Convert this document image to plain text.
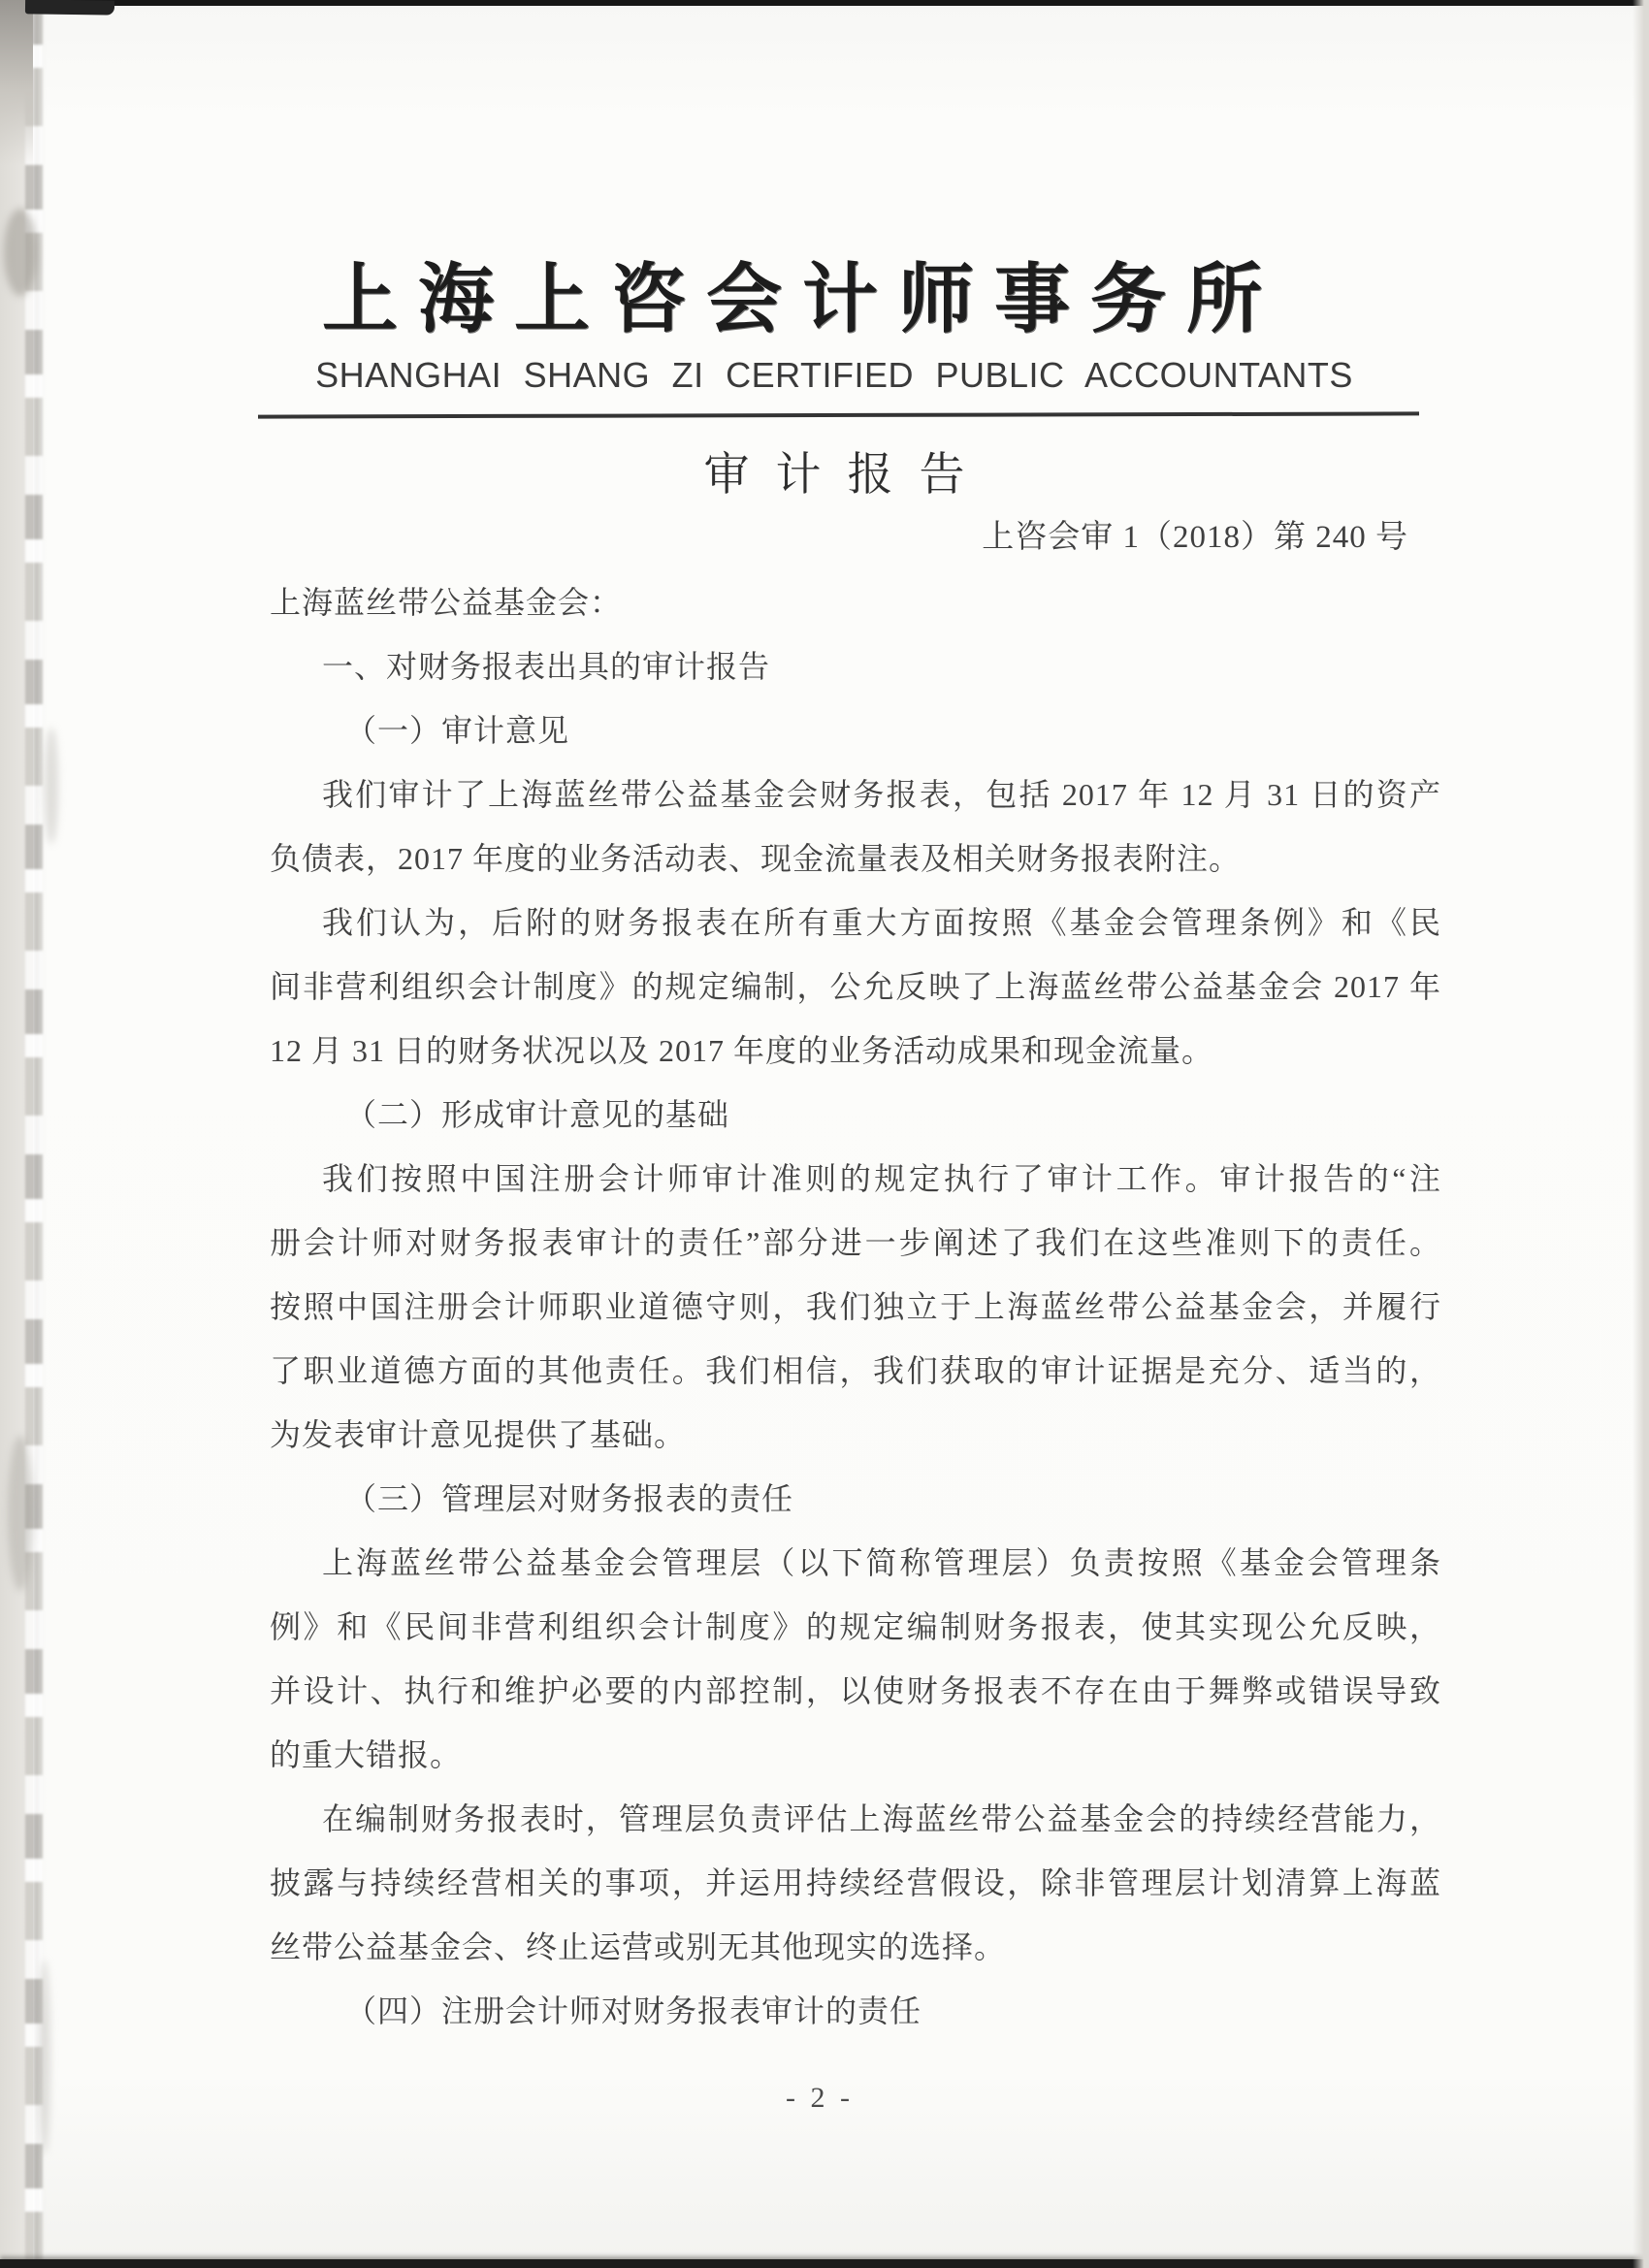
上海上咨会计师事务所
SHANGHAI SHANG ZI CERTIFIED PUBLIC ACCOUNTANTS
审计报告
上咨会审 1（2018）第 240 号
上海蓝丝带公益基金会：
一、对财务报表出具的审计报告
（一）审计意见
我们审计了上海蓝丝带公益基金会财务报表，包括 2017 年 12 月 31 日的资产
负债表，2017 年度的业务活动表、现金流量表及相关财务报表附注。
我们认为，后附的财务报表在所有重大方面按照《基金会管理条例》和《民
间非营利组织会计制度》的规定编制，公允反映了上海蓝丝带公益基金会 2017 年
12 月 31 日的财务状况以及 2017 年度的业务活动成果和现金流量。
（二）形成审计意见的基础
我们按照中国注册会计师审计准则的规定执行了审计工作。审计报告的“注
册会计师对财务报表审计的责任”部分进一步阐述了我们在这些准则下的责任。
按照中国注册会计师职业道德守则，我们独立于上海蓝丝带公益基金会，并履行
了职业道德方面的其他责任。我们相信，我们获取的审计证据是充分、适当的，
为发表审计意见提供了基础。
（三）管理层对财务报表的责任
上海蓝丝带公益基金会管理层（以下简称管理层）负责按照《基金会管理条
例》和《民间非营利组织会计制度》的规定编制财务报表，使其实现公允反映，
并设计、执行和维护必要的内部控制，以使财务报表不存在由于舞弊或错误导致
的重大错报。
在编制财务报表时，管理层负责评估上海蓝丝带公益基金会的持续经营能力，
披露与持续经营相关的事项，并运用持续经营假设，除非管理层计划清算上海蓝
丝带公益基金会、终止运营或别无其他现实的选择。
（四）注册会计师对财务报表审计的责任
- 2 -
